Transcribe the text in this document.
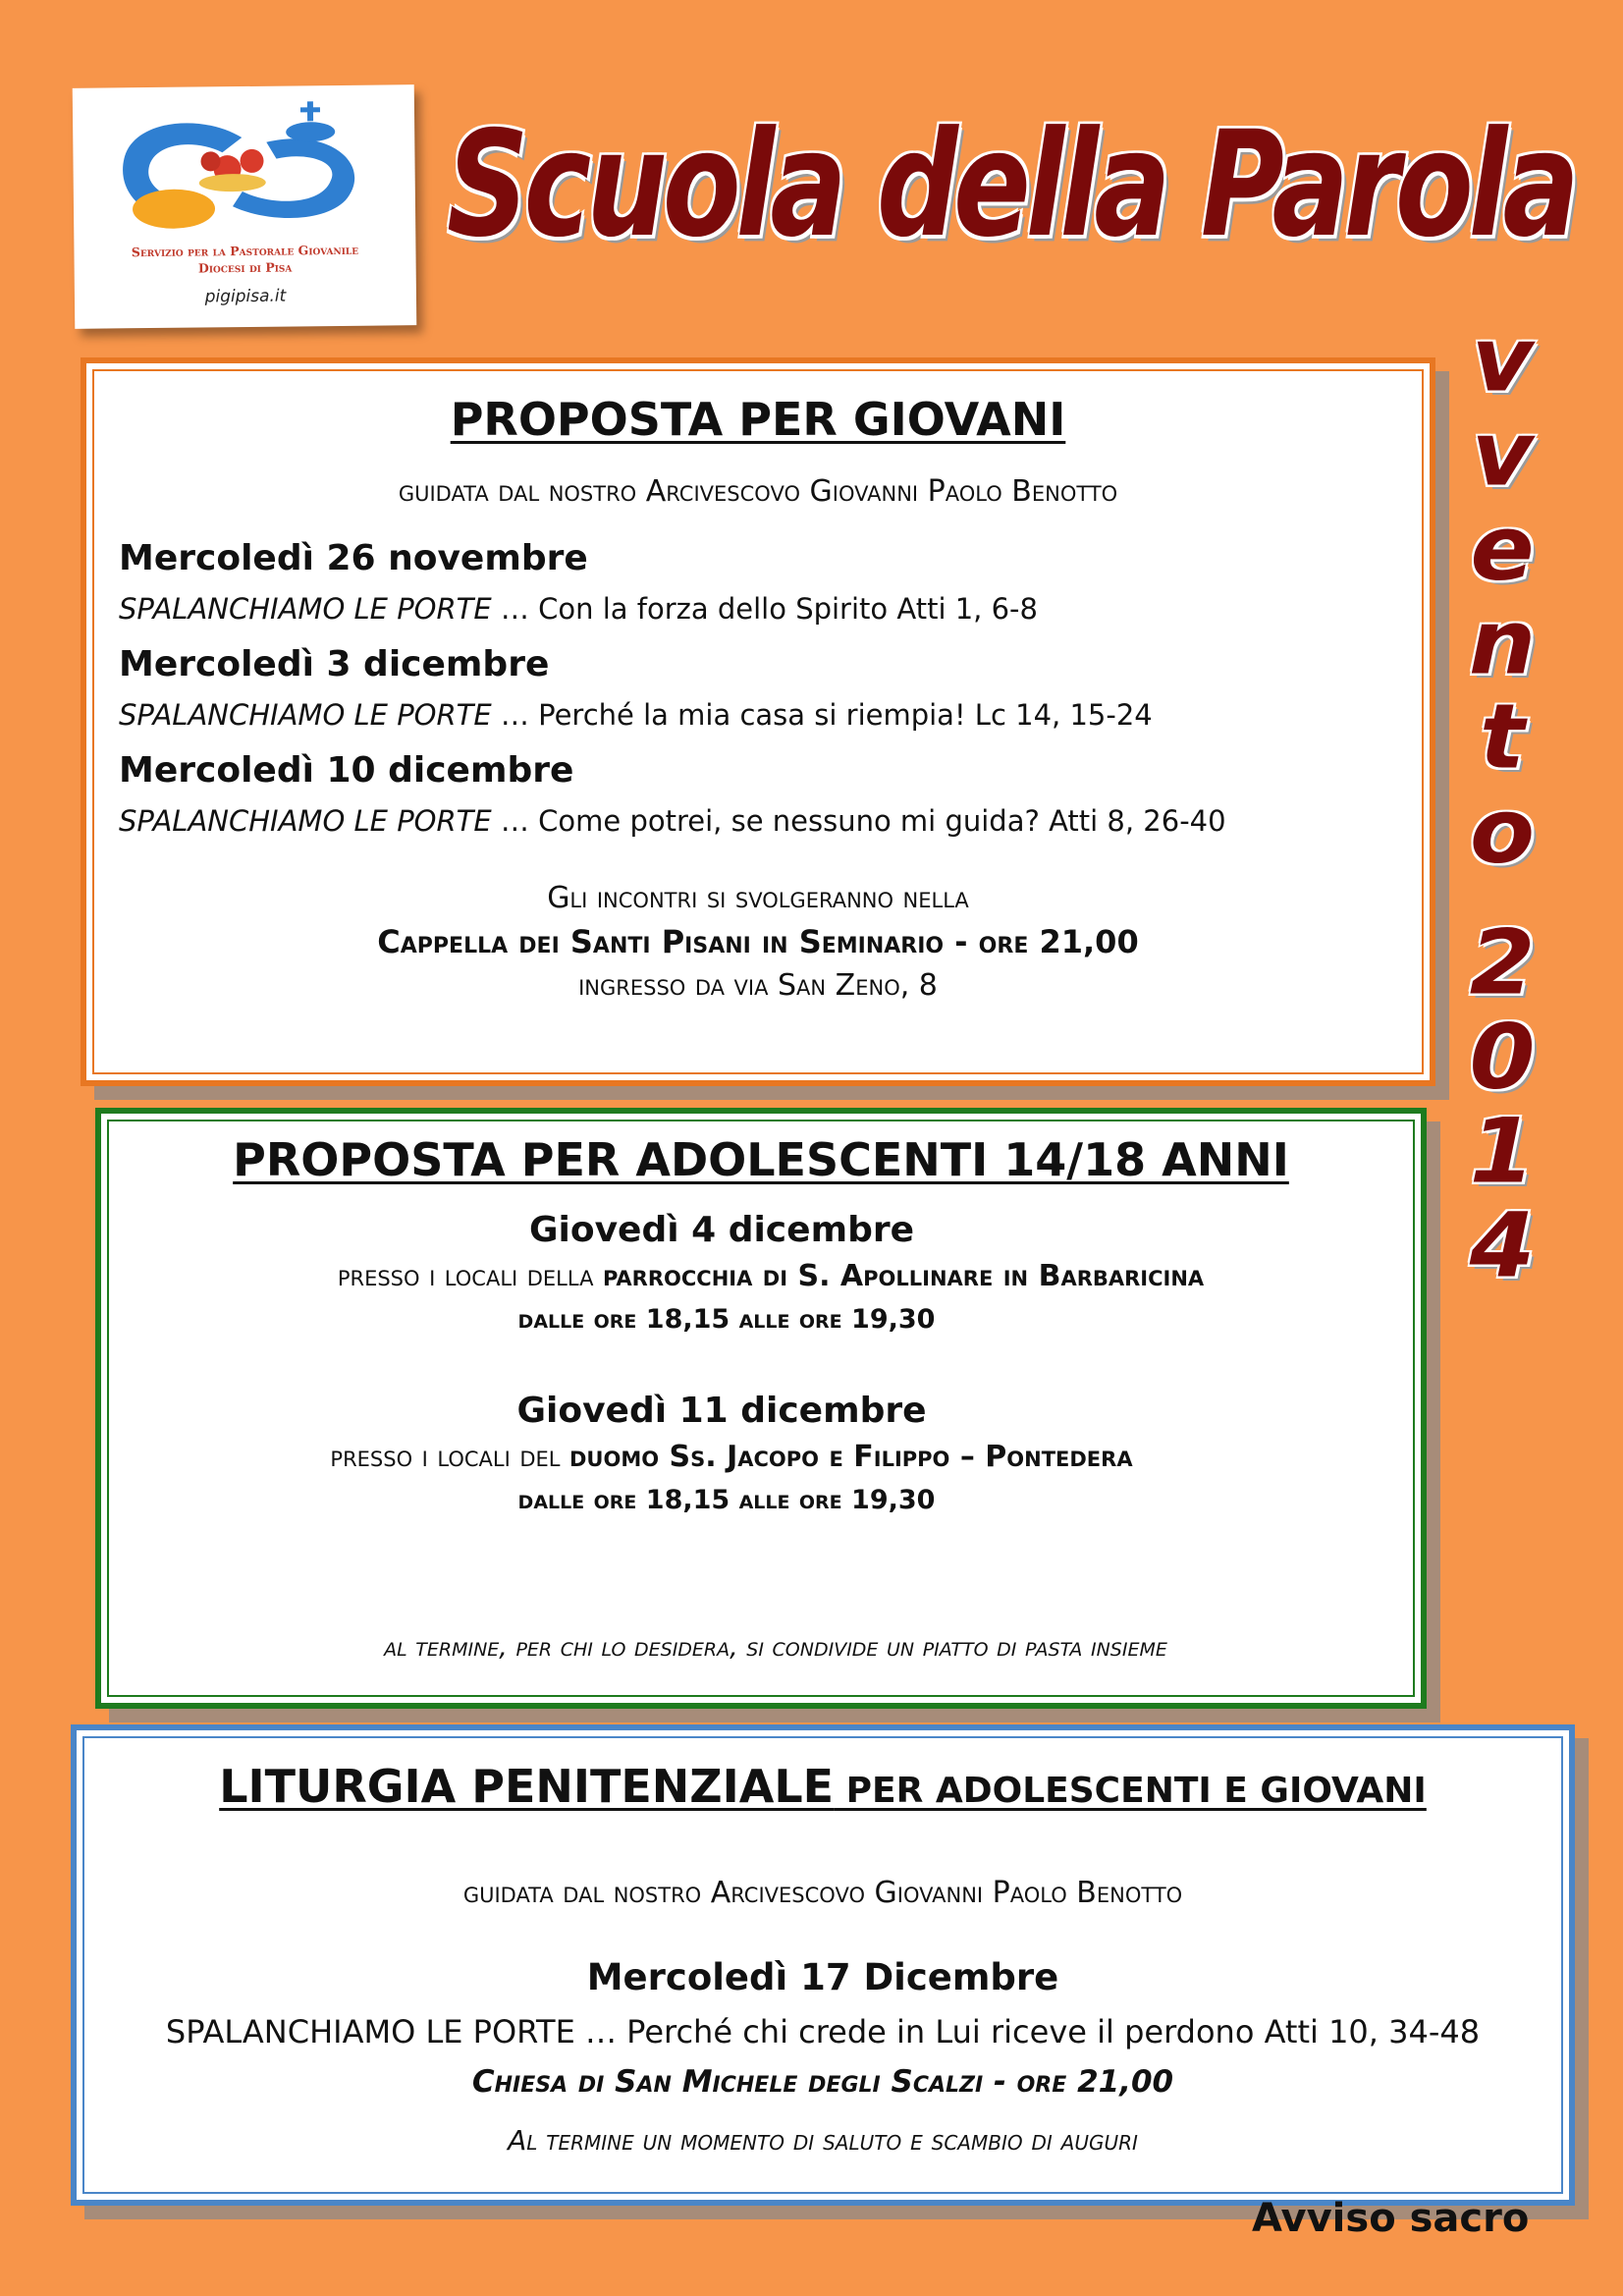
Servizio per la Pastorale Giovanile
Diocesi di Pisa
pigipisa.it
Scuola della Parola
v
v
e
n
t
o
2
0
1
4
PROPOSTA PER GIOVANI
guidata dal nostro Arcivescovo Giovanni Paolo Benotto
Mercoledì 26 novembre
SPALANCHIAMO LE PORTE … Con la forza dello Spirito Atti 1, 6-8
Mercoledì 3 dicembre
SPALANCHIAMO LE PORTE … Perché la mia casa si riempia! Lc 14, 15-24
Mercoledì 10 dicembre
SPALANCHIAMO LE PORTE … Come potrei, se nessuno mi guida? Atti 8, 26-40
Gli incontri si svolgeranno nella
Cappella dei Santi Pisani in Seminario - ore 21,00
ingresso da via San Zeno, 8
PROPOSTA PER ADOLESCENTI 14/18 ANNI
Giovedì 4 dicembre
presso i locali della parrocchia di S. Apollinare in Barbaricina
dalle ore 18,15 alle ore 19,30
Giovedì 11 dicembre
presso i locali del duomo Ss. Jacopo e Filippo – Pontedera
dalle ore 18,15 alle ore 19,30
al termine, per chi lo desidera, si condivide un piatto di pasta insieme
LITURGIA PENITENZIALE PER ADOLESCENTI E GIOVANI
guidata dal nostro Arcivescovo Giovanni Paolo Benotto
Mercoledì 17 Dicembre
SPALANCHIAMO LE PORTE … Perché chi crede in Lui riceve il perdono Atti 10, 34-48
Chiesa di San Michele degli Scalzi - ore 21,00
Al termine un momento di saluto e scambio di auguri
Avviso sacro
